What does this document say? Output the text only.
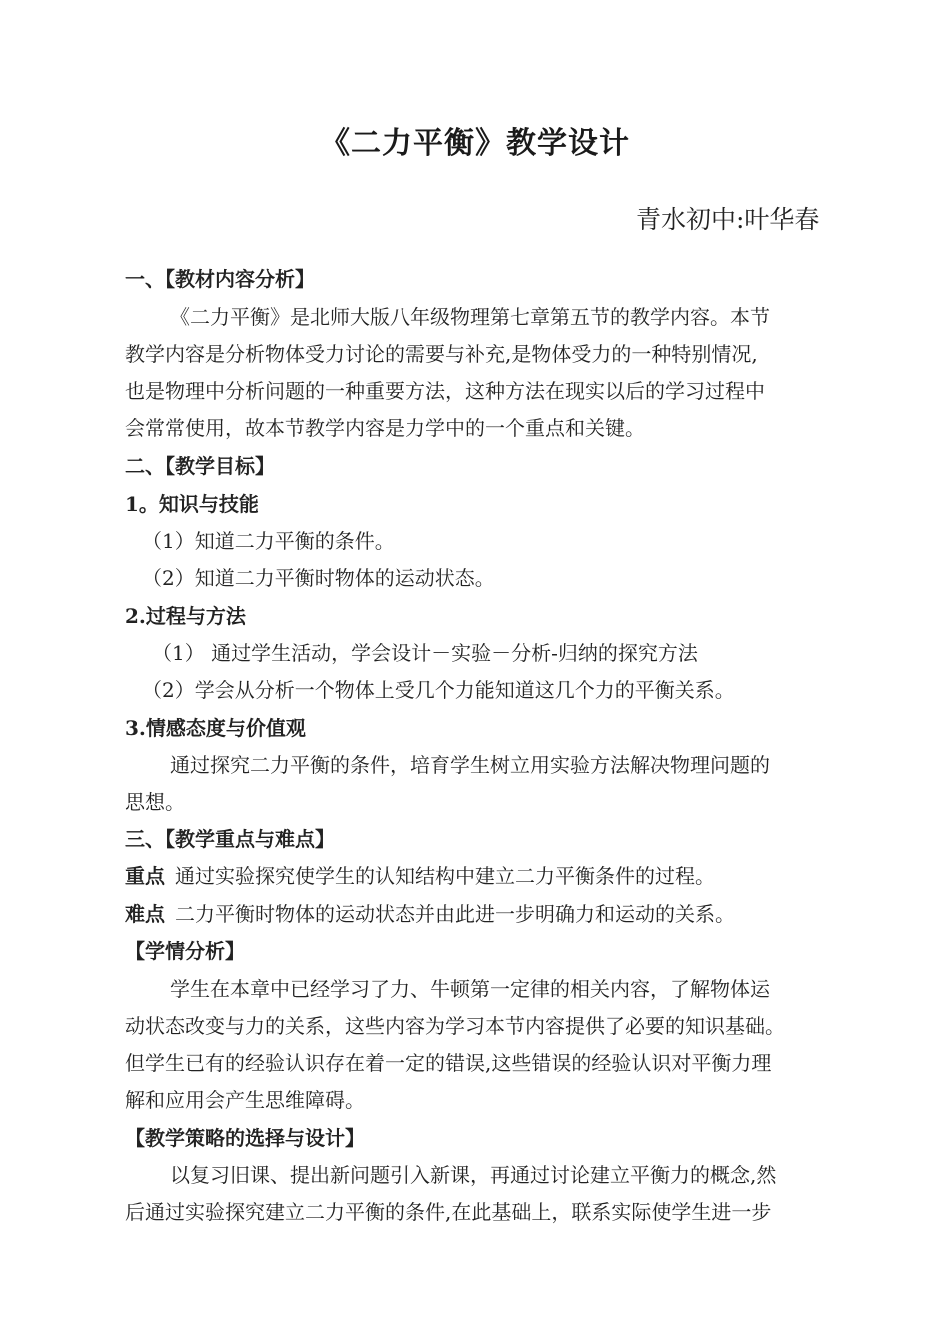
《二力平衡》教学设计
青水初中:叶华春
一、【教材内容分析】
《二力平衡》是北师大版八年级物理第七章第五节的教学内容。本节
教学内容是分析物体受力讨论的需要与补充,是物体受力的一种特别情况,
也是物理中分析问题的一种重要方法，这种方法在现实以后的学习过程中
会常常使用，故本节教学内容是力学中的一个重点和关键。
二、【教学目标】
1。知识与技能
（1）知道二力平衡的条件。
（2）知道二力平衡时物体的运动状态。
2.过程与方法
（1） 通过学生活动，学会设计－实验－分析-归纳的探究方法
（2）学会从分析一个物体上受几个力能知道这几个力的平衡关系。
3.情感态度与价值观
通过探究二力平衡的条件，培育学生树立用实验方法解决物理问题的
思想。
三、【教学重点与难点】
重点 通过实验探究使学生的认知结构中建立二力平衡条件的过程。
难点 二力平衡时物体的运动状态并由此进一步明确力和运动的关系。
【学情分析】
学生在本章中已经学习了力、牛顿第一定律的相关内容，了解物体运
动状态改变与力的关系，这些内容为学习本节内容提供了必要的知识基础。
但学生已有的经验认识存在着一定的错误,这些错误的经验认识对平衡力理
解和应用会产生思维障碍。
【教学策略的选择与设计】
以复习旧课、提出新问题引入新课，再通过讨论建立平衡力的概念,然
后通过实验探究建立二力平衡的条件,在此基础上，联系实际使学生进一步
